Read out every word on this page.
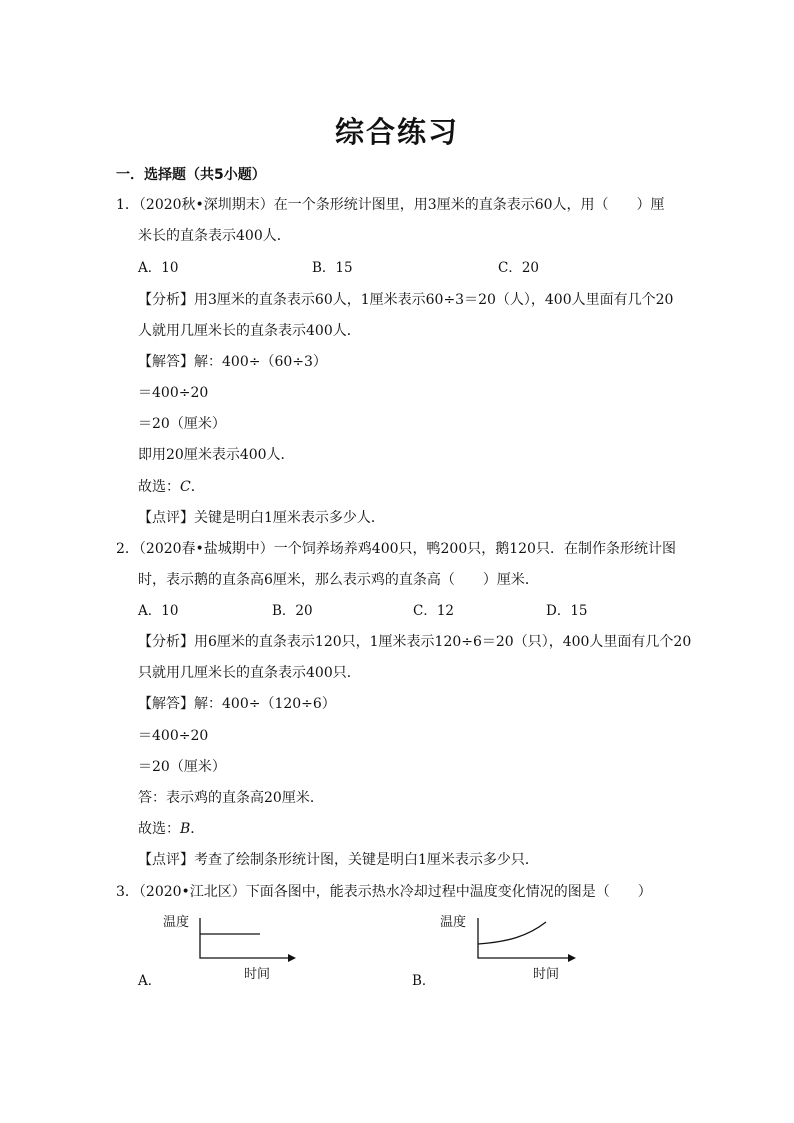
综合练习
一．选择题（共5小题）
1．（2020秋•深圳期末）在一个条形统计图里，用3厘米的直条表示60人，用（　　）厘
米长的直条表示400人．
A．10	B．15	C．20
【分析】用3厘米的直条表示60人，1厘米表示60÷3＝20（人），400人里面有几个20
人就用几厘米长的直条表示400人．
【解答】解：400÷（60÷3）
＝400÷20
＝20（厘米）
即用20厘米表示400人．
故选：C．
【点评】关键是明白1厘米表示多少人．
2．（2020春•盐城期中）一个饲养场养鸡400只，鸭200只，鹅120只．在制作条形统计图
时，表示鹅的直条高6厘米，那么表示鸡的直条高（　　）厘米．
A．10	B．20	C．12	D．15
【分析】用6厘米的直条表示120只，1厘米表示120÷6＝20（只），400人里面有几个20
只就用几厘米长的直条表示400只．
【解答】解：400÷（120÷6）
＝400÷20
＝20（厘米）
答：表示鸡的直条高20厘米．
故选：B．
【点评】考查了绘制条形统计图，关键是明白1厘米表示多少只．
3．（2020•江北区）下面各图中，能表示热水冷却过程中温度变化情况的图是（　　）
温度
时间
A．
温度
时间
B．
